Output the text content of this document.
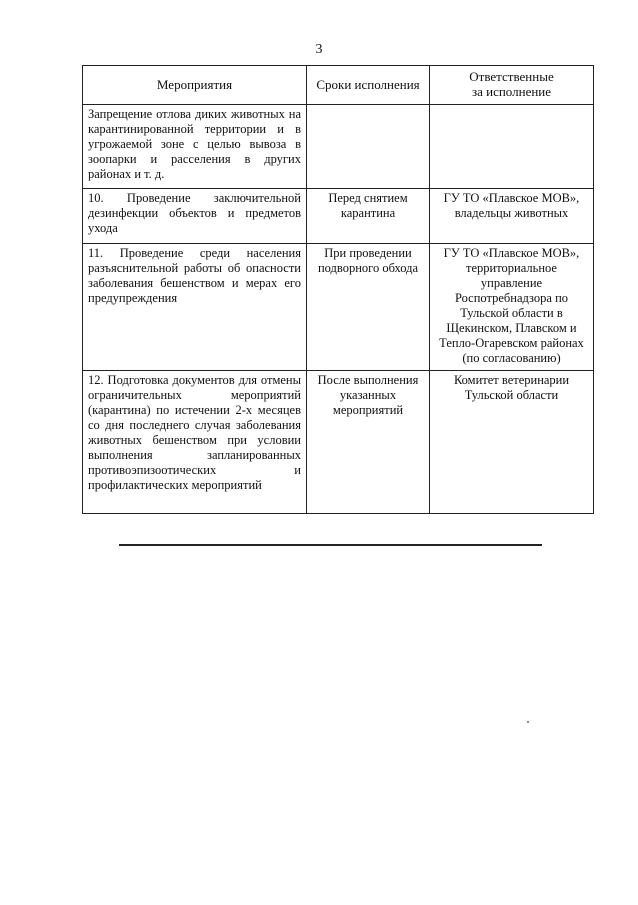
3
Мероприятия	Сроки исполнения	Ответственные
за исполнение
Запрещение отлова диких животных на карантинированной территории и в угрожаемой зоне с целью вывоза в зоопарки и расселения в других районах и т. д.		
10. Проведение заключительной дезинфекции объектов и предметов ухода	Перед снятием карантина	ГУ ТО «Плавское МОВ», владельцы животных
11. Проведение среди населения разъяснительной работы об опасности заболевания бешенством и мерах его предупреждения	При проведении подворного обхода	ГУ ТО «Плавское МОВ», территориальное управление Роспотребнадзора по Тульской области в Щекинском, Плавском и Тепло-Огаревском районах (по согласованию)
12. Подготовка документов для отмены ограничительных мероприятий (карантина) по истечении 2-х месяцев со дня последнего случая заболевания животных бешенством при условии выполнения запланированных противоэпизоотических и профилактических мероприятий	После выполнения указанных мероприятий	Комитет ветеринарии Тульской области
